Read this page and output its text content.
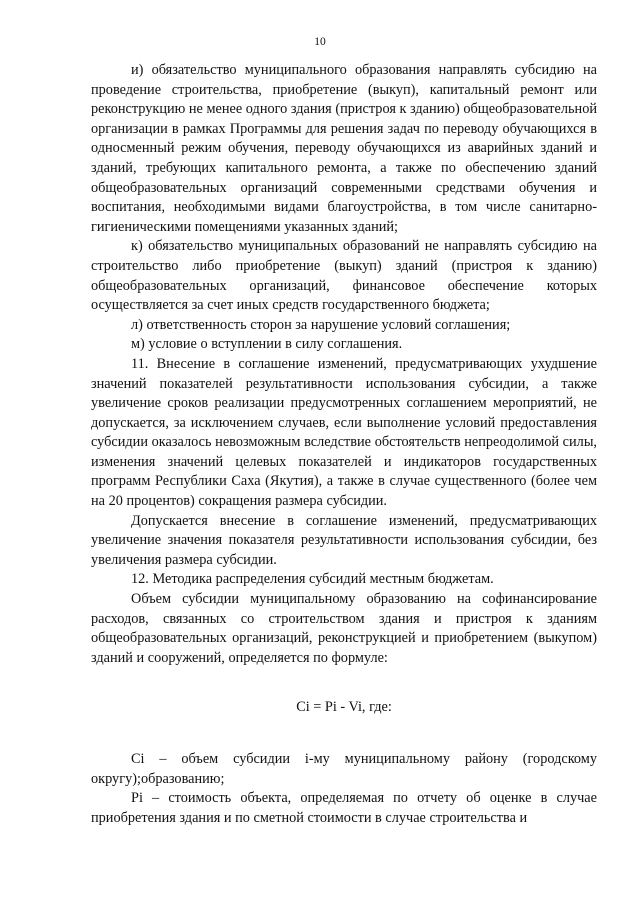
10

и) обязательство муниципального образования направлять субсидию на проведение строительства, приобретение (выкуп), капитальный ремонт или реконструкцию не менее одного здания (пристроя к зданию) общеобразовательной организации в рамках Программы для решения задач по переводу обучающихся в односменный режим обучения, переводу обучающихся из аварийных зданий и зданий, требующих капитального ремонта, а также по обеспечению зданий общеобразовательных организаций современными средствами обучения и воспитания, необходимыми видами благоустройства, в том числе санитарно-гигиеническими помещениями указанных зданий;

к) обязательство муниципальных образований не направлять субсидию на строительство либо приобретение (выкуп) зданий (пристроя к зданию) общеобразовательных организаций, финансовое обеспечение которых осуществляется за счет иных средств государственного бюджета;

л) ответственность сторон за нарушение условий соглашения;

м) условие о вступлении в силу соглашения.

11. Внесение в соглашение изменений, предусматривающих ухудшение значений показателей результативности использования субсидии, а также увеличение сроков реализации предусмотренных соглашением мероприятий, не допускается, за исключением случаев, если выполнение условий предоставления субсидии оказалось невозможным вследствие обстоятельств непреодолимой силы, изменения значений целевых показателей и индикаторов государственных программ Республики Саха (Якутия), а также в случае существенного (более чем на 20 процентов) сокращения размера субсидии.

Допускается внесение в соглашение изменений, предусматривающих увеличение значения показателя результативности использования субсидии, без увеличения размера субсидии.

12. Методика распределения субсидий местным бюджетам.

Объем субсидии муниципальному образованию на софинансирование расходов, связанных со строительством здания и пристроя к зданиям общеобразовательных организаций, реконструкцией и приобретением (выкупом) зданий и сооружений, определяется по формуле:

Ci = Pi - Vi, где:

Ci – объем субсидии i-му муниципальному району (городскому округу);образованию;

Pi – стоимость объекта, определяемая по отчету об оценке в случае приобретения здания и по сметной стоимости в случае строительства и
